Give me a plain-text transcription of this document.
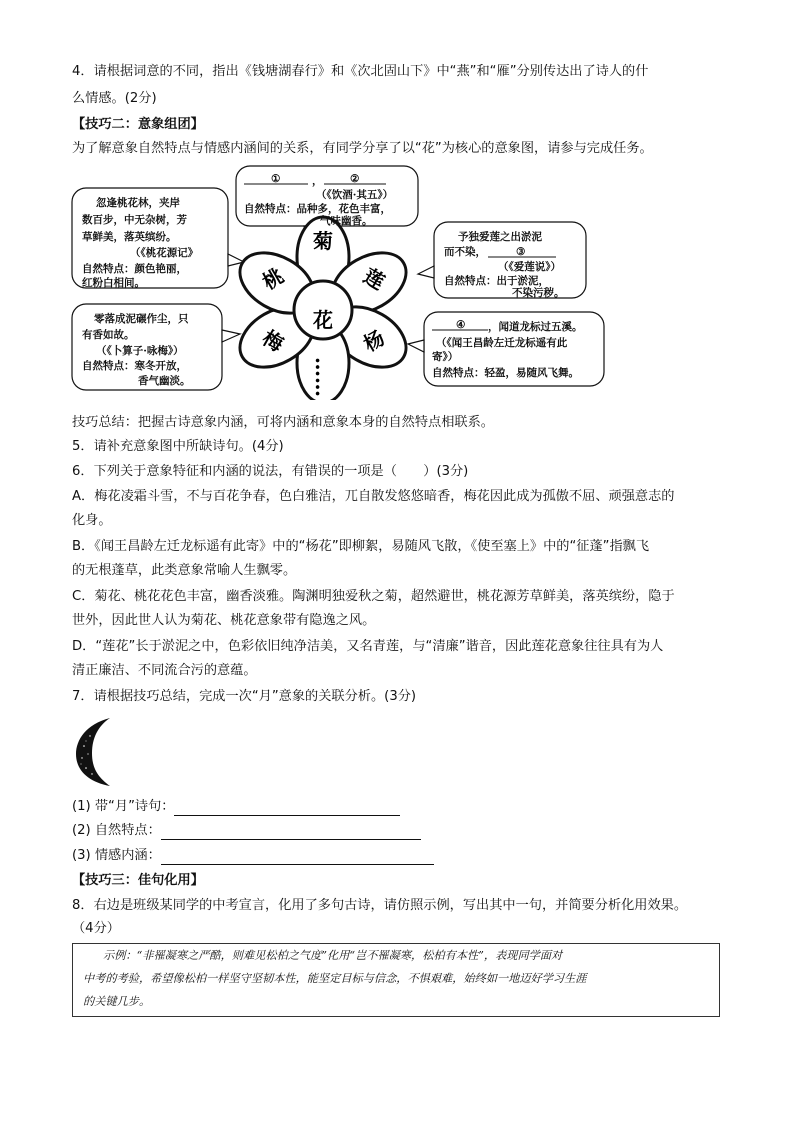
4．请根据词意的不同，指出《钱塘湖春行》和《次北固山下》中“燕”和“雁”分别传达出了诗人的什
么情感。(2分)
【技巧二：意象组团】
为了解意象自然特点与情感内涵间的关系，有同学分享了以“花”为核心的意象图，请参与完成任务。
花
菊
莲
杨
……
梅
桃
忽逢桃花林，夹岸
数百步，中无杂树，芳
草鲜美，落英缤纷。
（《桃花源记》
自然特点：颜色艳丽，
红粉白相间。
①	，	②
（《饮酒·其五》）
自然特点：品种多，花色丰富，
气味幽香。
予独爱莲之出淤泥
而不染，	③
（《爱莲说》）
自然特点：出于淤泥，
不染污秽。
④ ，闻道龙标过五溪。
（《闻王昌龄左迁龙标遥有此
寄》）
自然特点：轻盈，易随风飞舞。
零落成泥碾作尘，只
有香如故。
（《卜算子·咏梅》）
自然特点：寒冬开放，
香气幽淡。
技巧总结：把握古诗意象内涵，可将内涵和意象本身的自然特点相联系。
5．请补充意象图中所缺诗句。(4分)
6．下列关于意象特征和内涵的说法，有错误的一项是（　　）(3分)
A．梅花凌霜斗雪，不与百花争春，色白雅洁，兀自散发悠悠暗香，梅花因此成为孤傲不屈、顽强意志的
化身。
B．《闻王昌龄左迁龙标遥有此寄》中的“杨花”即柳絮，易随风飞散，《使至塞上》中的“征蓬”指飘飞
的无根蓬草，此类意象常喻人生飘零。
C．菊花、桃花花色丰富，幽香淡雅。陶渊明独爱秋之菊，超然避世，桃花源芳草鲜美，落英缤纷，隐于
世外，因此世人认为菊花、桃花意象带有隐逸之风。
D．“莲花”长于淤泥之中，色彩依旧纯净洁美，又名青莲，与“清廉”谐音，因此莲花意象往往具有为人
清正廉洁、不同流合污的意蕴。
7．请根据技巧总结，完成一次“月”意象的关联分析。(3分)
(1) 带“月”诗句：
(2) 自然特点：
(3) 情感内涵：
【技巧三：佳句化用】
8．右边是班级某同学的中考宣言，化用了多句古诗，请仿照示例，写出其中一句，并简要分析化用效果。
（4分）
示例：“非罹凝寒之严酷，则难见松柏之气度”化用“岂不罹凝寒，松柏有本性”，表现同学面对
中考的考验，希望像松柏一样坚守坚韧本性，能坚定目标与信念，不惧艰难，始终如一地迈好学习生涯
的关键几步。
